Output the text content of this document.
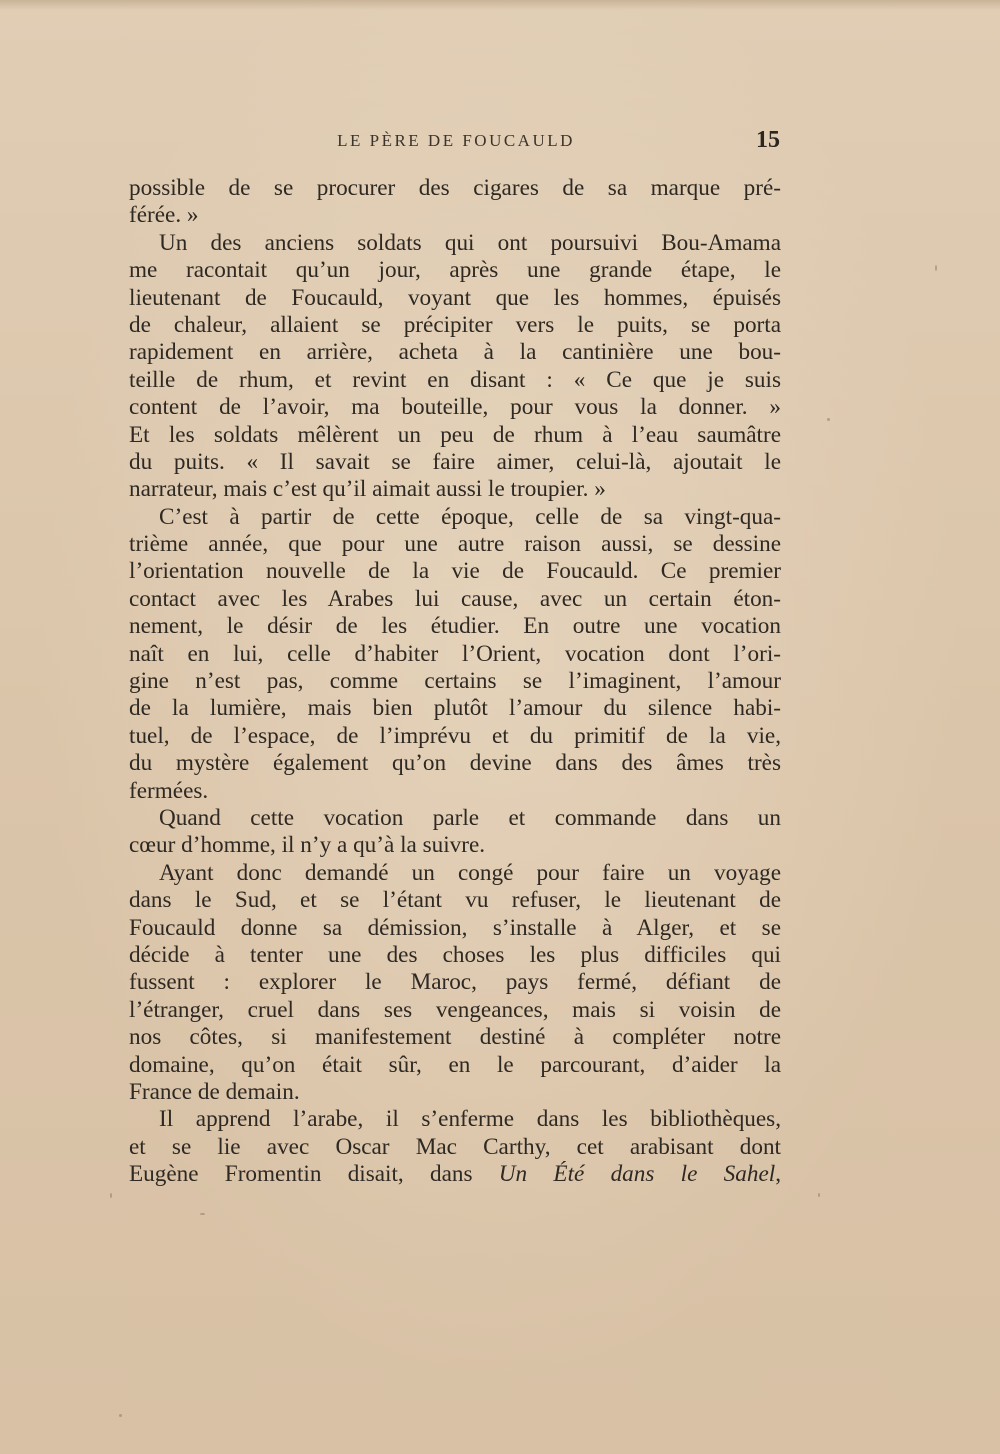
LE PÈRE DE FOUCAULD	15
possible de se procurer des cigares de sa marque pré-
férée. »
Un des anciens soldats qui ont poursuivi Bou-Amama
me racontait qu’un jour, après une grande étape, le
lieutenant de Foucauld, voyant que les hommes, épuisés
de chaleur, allaient se précipiter vers le puits, se porta
rapidement en arrière, acheta à la cantinière une bou-
teille de rhum, et revint en disant : « Ce que je suis
content de l’avoir, ma bouteille, pour vous la donner. »
Et les soldats mêlèrent un peu de rhum à l’eau saumâtre
du puits. « Il savait se faire aimer, celui-là, ajoutait le
narrateur, mais c’est qu’il aimait aussi le troupier. »
C’est à partir de cette époque, celle de sa vingt-qua-
trième année, que pour une autre raison aussi, se dessine
l’orientation nouvelle de la vie de Foucauld. Ce premier
contact avec les Arabes lui cause, avec un certain éton-
nement, le désir de les étudier. En outre une vocation
naît en lui, celle d’habiter l’Orient, vocation dont l’ori-
gine n’est pas, comme certains se l’imaginent, l’amour
de la lumière, mais bien plutôt l’amour du silence habi-
tuel, de l’espace, de l’imprévu et du primitif de la vie,
du mystère également qu’on devine dans des âmes très
fermées.
Quand cette vocation parle et commande dans un
cœur d’homme, il n’y a qu’à la suivre.
Ayant donc demandé un congé pour faire un voyage
dans le Sud, et se l’étant vu refuser, le lieutenant de
Foucauld donne sa démission, s’installe à Alger, et se
décide à tenter une des choses les plus difficiles qui
fussent : explorer le Maroc, pays fermé, défiant de
l’étranger, cruel dans ses vengeances, mais si voisin de
nos côtes, si manifestement destiné à compléter notre
domaine, qu’on était sûr, en le parcourant, d’aider la
France de demain.
Il apprend l’arabe, il s’enferme dans les bibliothèques,
et se lie avec Oscar Mac Carthy, cet arabisant dont
Eugène Fromentin disait, dans Un Été dans le Sahel,
